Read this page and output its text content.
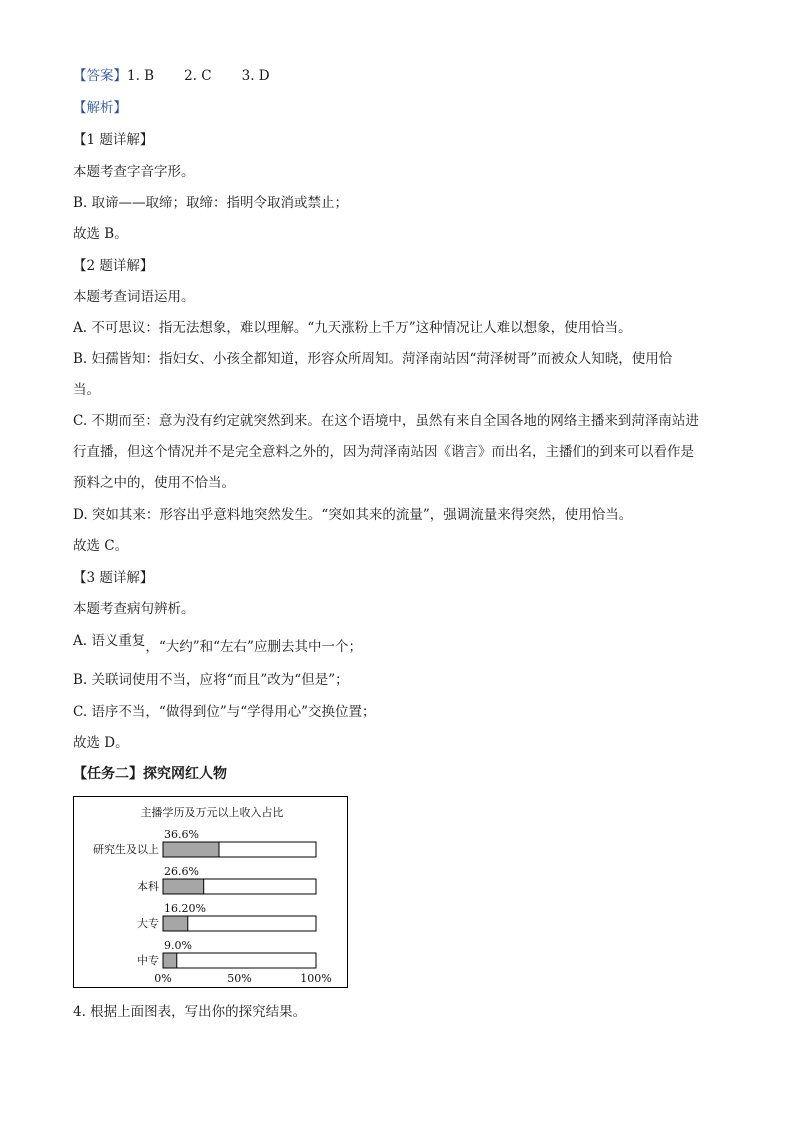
【答案】1. B 2. C 3. D
【解析】
【1 题详解】
本题考查字音字形。
B. 取谛——取缔；取缔：指明令取消或禁止；
故选 B。
【2 题详解】
本题考查词语运用。
A. 不可思议：指无法想象，难以理解。“九天涨粉上千万”这种情况让人难以想象，使用恰当。
B. 妇孺皆知：指妇女、小孩全都知道，形容众所周知。菏泽南站因“菏泽树哥”而被众人知晓，使用恰
当。
C. 不期而至：意为没有约定就突然到来。在这个语境中，虽然有来自全国各地的网络主播来到菏泽南站进
行直播，但这个情况并不是完全意料之外的，因为菏泽南站因《谐言》而出名，主播们的到来可以看作是
预料之中的，使用不恰当。
D. 突如其来：形容出乎意料地突然发生。“突如其来的流量”，强调流量来得突然，使用恰当。
故选 C。
【3 题详解】
本题考查病句辨析。
A. 语义重复，“大约”和“左右”应删去其中一个；
B. 关联词使用不当，应将“而且”改为“但是”；
C. 语序不当，“做得到位”与“学得用心”交换位置；
故选 D。
【任务二】探究网红人物
主播学历及万元以上收入占比
36.6%
研究生及以上
26.6%
本科
16.20%
大专
9.0%
中专
0%	50%	100%
4. 根据上面图表，写出你的探究结果。
